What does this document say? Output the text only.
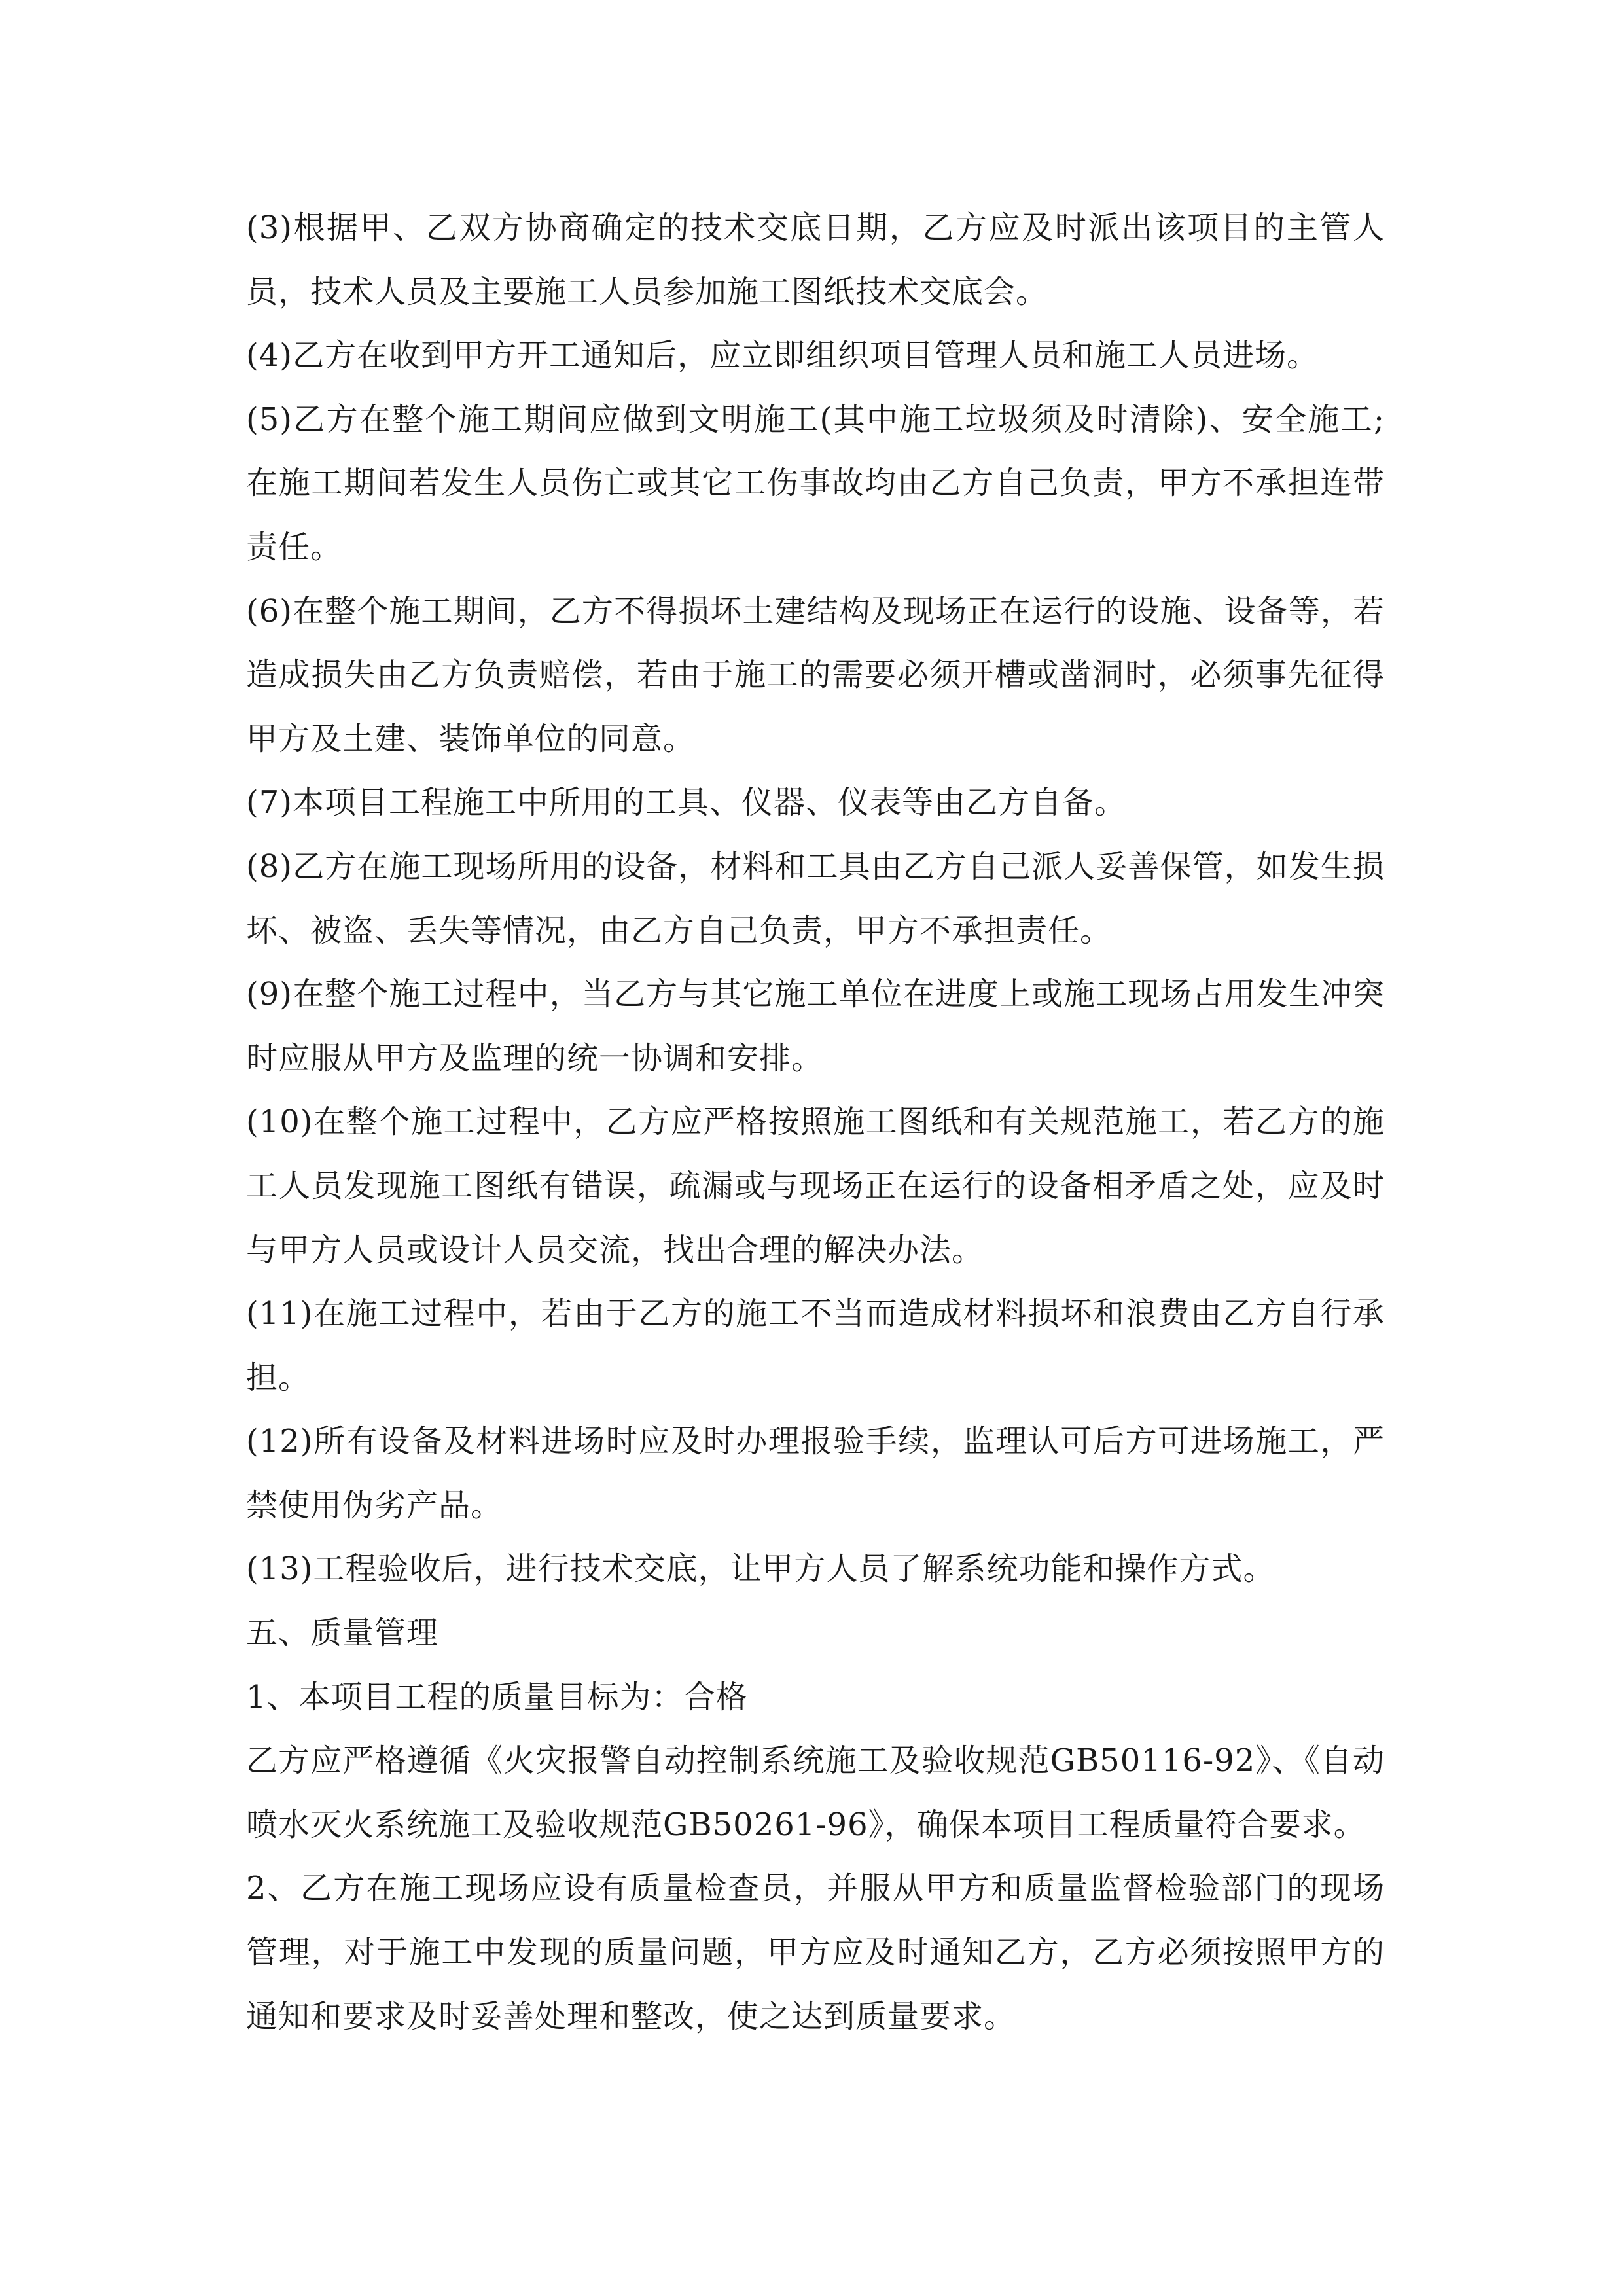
(3)根据甲、乙双方协商确定的技术交底日期，乙方应及时派出该项目的主管人员，技术人员及主要施工人员参加施工图纸技术交底会。

(4)乙方在收到甲方开工通知后，应立即组织项目管理人员和施工人员进场。

(5)乙方在整个施工期间应做到文明施工(其中施工垃圾须及时清除)、安全施工;在施工期间若发生人员伤亡或其它工伤事故均由乙方自己负责，甲方不承担连带责任。

(6)在整个施工期间，乙方不得损坏土建结构及现场正在运行的设施、设备等，若造成损失由乙方负责赔偿，若由于施工的需要必须开槽或凿洞时，必须事先征得甲方及土建、装饰单位的同意。

(7)本项目工程施工中所用的工具、仪器、仪表等由乙方自备。

(8)乙方在施工现场所用的设备，材料和工具由乙方自己派人妥善保管，如发生损坏、被盗、丢失等情况，由乙方自己负责，甲方不承担责任。

(9)在整个施工过程中，当乙方与其它施工单位在进度上或施工现场占用发生冲突时应服从甲方及监理的统一协调和安排。

(10)在整个施工过程中，乙方应严格按照施工图纸和有关规范施工，若乙方的施工人员发现施工图纸有错误，疏漏或与现场正在运行的设备相矛盾之处，应及时与甲方人员或设计人员交流，找出合理的解决办法。

(11)在施工过程中，若由于乙方的施工不当而造成材料损坏和浪费由乙方自行承担。

(12)所有设备及材料进场时应及时办理报验手续，监理认可后方可进场施工，严禁使用伪劣产品。

(13)工程验收后，进行技术交底，让甲方人员了解系统功能和操作方式。

五、质量管理

1、本项目工程的质量目标为：合格

乙方应严格遵循《火灾报警自动控制系统施工及验收规范GB50116-92》、《自动喷水灭火系统施工及验收规范GB50261-96》，确保本项目工程质量符合要求。

2、乙方在施工现场应设有质量检查员，并服从甲方和质量监督检验部门的现场管理，对于施工中发现的质量问题，甲方应及时通知乙方，乙方必须按照甲方的通知和要求及时妥善处理和整改，使之达到质量要求。
